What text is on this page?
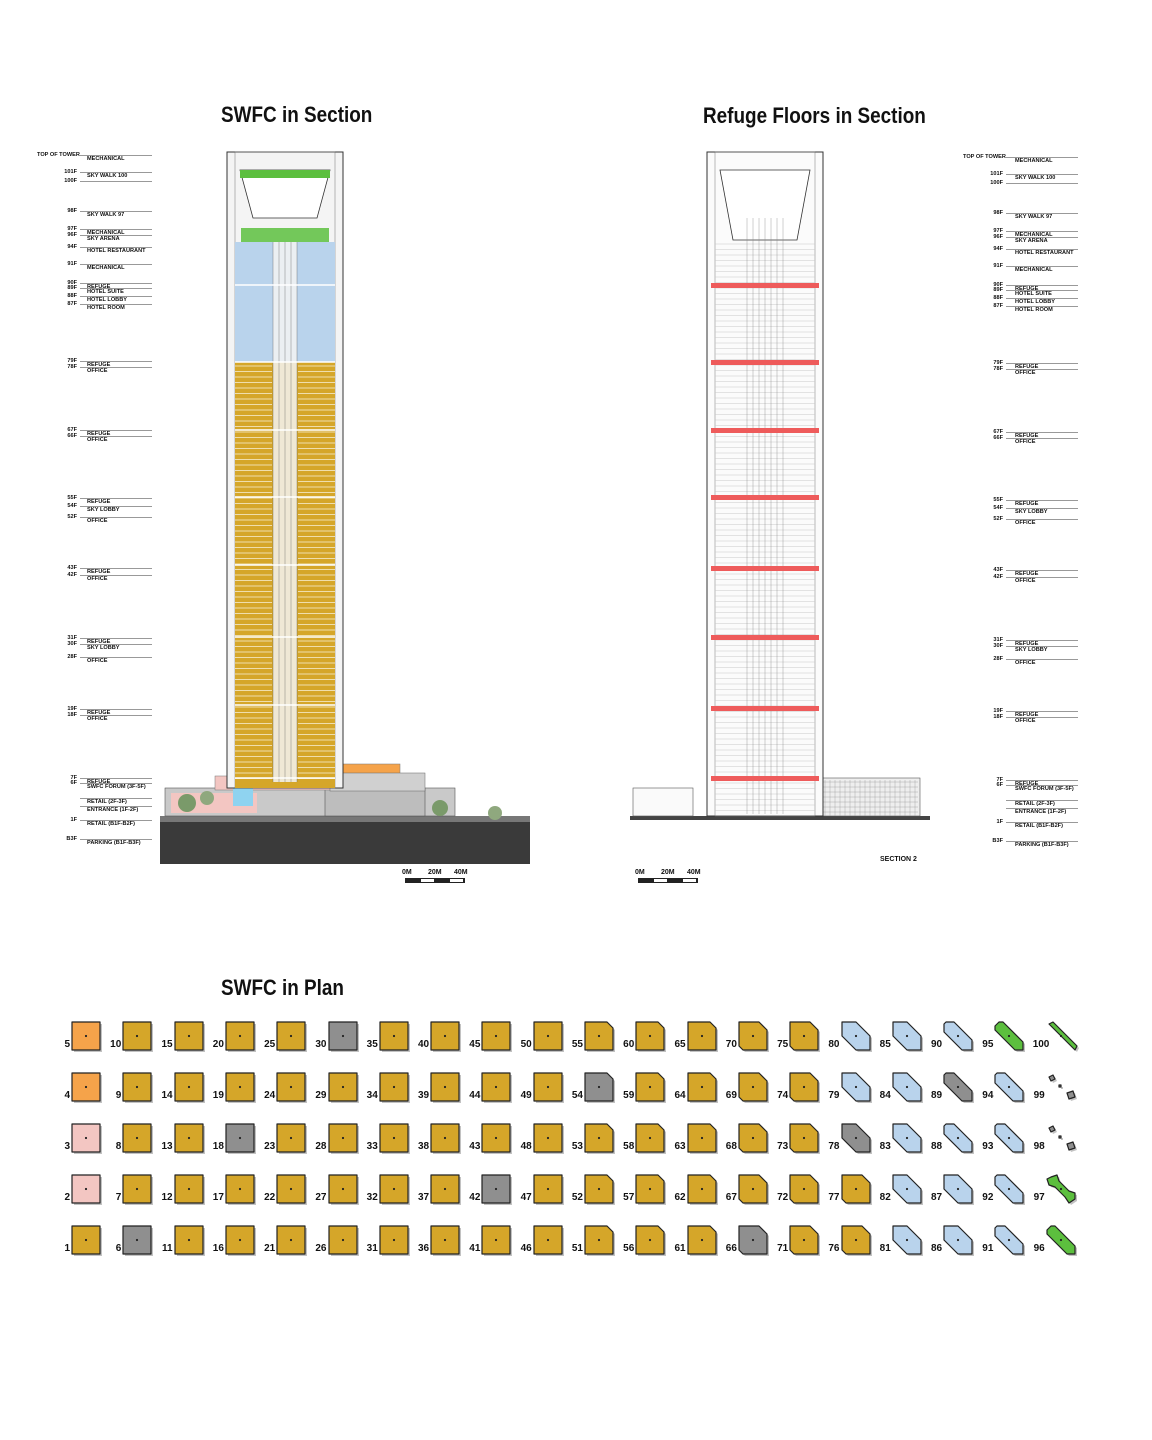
SWFC in Section	Refuge Floors in Section
SWFC in Plan
TOP OF TOWER
MECHANICAL
101F
SKY WALK 100
100F
98F
SKY WALK 97
97F
MECHANICAL
96F
SKY ARENA
94F
HOTEL RESTAURANT
91F
MECHANICAL
90F
REFUGE
89F
HOTEL SUITE
88F
HOTEL LOBBY
87F
HOTEL ROOM
79F
REFUGE
78F
OFFICE
67F
REFUGE
66F
OFFICE
55F
REFUGE
54F
SKY LOBBY
52F
OFFICE
43F
REFUGE
42F
OFFICE
31F
REFUGE
30F
SKY LOBBY
28F
OFFICE
19F
REFUGE
18F
OFFICE
7F
REFUGE
6F
SWFC FORUM (3F-5F)
RETAIL (2F-3F)
ENTRANCE (1F-2F)
1F
RETAIL (B1F-B2F)
B3F
PARKING (B1F-B3F)
TOP OF TOWER
MECHANICAL
101F
SKY WALK 100
100F
98F
SKY WALK 97
97F
MECHANICAL
96F
SKY ARENA
94F
HOTEL RESTAURANT
91F
MECHANICAL
90F
REFUGE
89F
HOTEL SUITE
88F
HOTEL LOBBY
87F
HOTEL ROOM
79F
REFUGE
78F
OFFICE
67F
REFUGE
66F
OFFICE
55F
REFUGE
54F
SKY LOBBY
52F
OFFICE
43F
REFUGE
42F
OFFICE
31F
REFUGE
30F
SKY LOBBY
28F
OFFICE
19F
REFUGE
18F
OFFICE
7F
REFUGE
6F
SWFC FORUM (3F-5F)
RETAIL (2F-3F)
ENTRANCE (1F-2F)
1F
RETAIL (B1F-B2F)
B3F
PARKING (B1F-B3F)
SECTION 2
0M 20M 40M	0M 20M 40M
5	10	15	20	25	30	35	40	45	50	55	60	65	70	75	80	85	90	95	100
4	9	14	19	24	29	34	39	44	49	54	59	64	69	74	79	84	89	94	99
3	8	13	18	23	28	33	38	43	48	53	58	63	68	73	78	83	88	93	98
2	7	12	17	22	27	32	37	42	47	52	57	62	67	72	77	82	87	92	97
1	6	11	16	21	26	31	36	41	46	51	56	61	66	71	76	81	86	91	96
